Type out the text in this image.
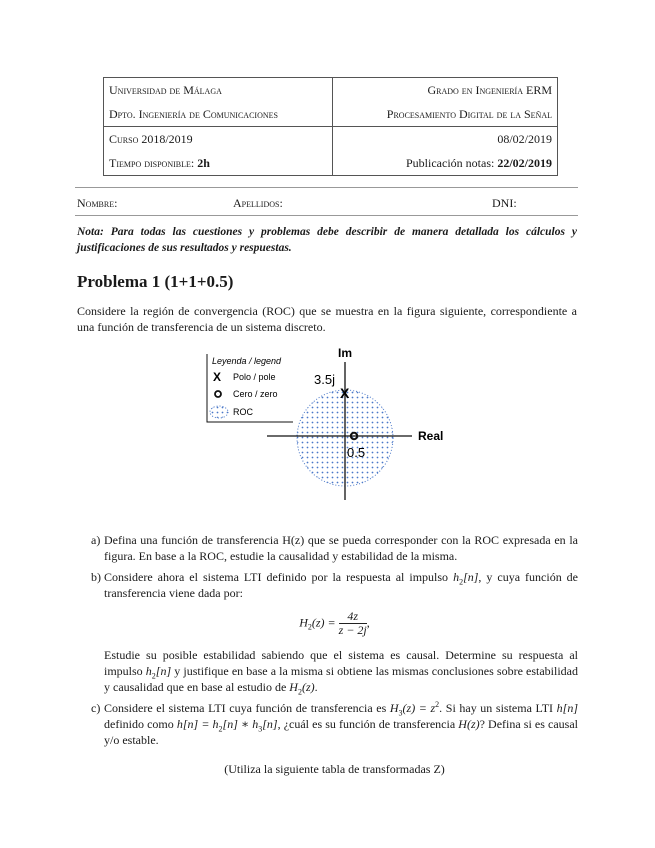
Universidad de Málaga	Grado en Ingeniería ERM
Dpto. Ingeniería de Comunicaciones	Procesamiento Digital de la Señal
Curso 2018/2019	08/02/2019
Tiempo disponible: 2h	Publicación notas: 22/02/2019
Nombre:	Apellidos:	DNI:
Nota: Para todas las cuestiones y problemas debe describir de manera detallada los cálculos y justificaciones de sus resultados y respuestas.
Problema 1 (1+1+0.5)
Considere la región de convergencia (ROC) que se muestra en la figura siguiente, correspondiente a una función de transferencia de un sistema discreto.
Im
Real
X
3.5j
0.5
Leyenda / legend
X Polo / pole
Cero / zero
ROC
a) Defina una función de transferencia H(z) que se pueda corresponder con la ROC expresada en la figura. En base a la ROC, estudie la causalidad y estabilidad de la misma.
b) Considere ahora el sistema LTI definido por la respuesta al impulso $h_2[n]$, y cuya función de transferencia viene dada por:
$H_2(z) = \frac{4z}{z - 2j}$ ,
Estudie su posible estabilidad sabiendo que el sistema es causal. Determine su respuesta al impulso $h_2[n]$ y justifique en base a la misma si obtiene las mismas conclusiones sobre estabilidad y causalidad que en base al estudio de $H_2(z)$.
c) Considere el sistema LTI cuya función de transferencia es $H_3(z) = z^2$. Si hay un sistema LTI h[n] definido como $h[n] = h_2[n]$ ∗ $h_3[n]$, ¿cuál es su función de transferencia H(z)? Defina si es causal y/o estable.
(Utiliza la siguiente tabla de transformadas Z)
